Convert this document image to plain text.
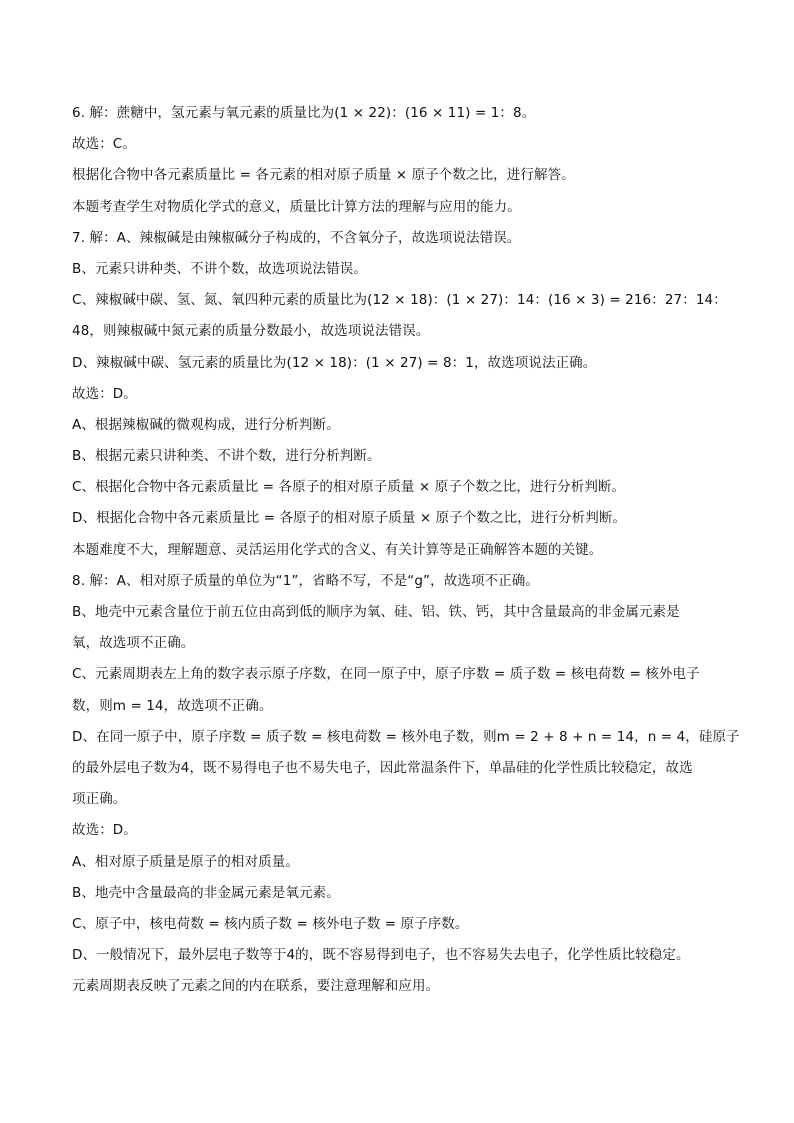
6. 解：蔗糖中，氢元素与氧元素的质量比为(1 × 22)：(16 × 11) = 1：8。
故选：C。
根据化合物中各元素质量比 = 各元素的相对原子质量 × 原子个数之比，进行解答。
本题考查学生对物质化学式的意义，质量比计算方法的理解与应用的能力。
7. 解：A、辣椒碱是由辣椒碱分子构成的，不含氧分子，故选项说法错误。
B、元素只讲种类、不讲个数，故选项说法错误。
C、辣椒碱中碳、氢、氮、氧四种元素的质量比为(12 × 18)：(1 × 27)：14：(16 × 3) = 216：27：14：
48，则辣椒碱中氮元素的质量分数最小，故选项说法错误。
D、辣椒碱中碳、氢元素的质量比为(12 × 18)：(1 × 27) = 8：1，故选项说法正确。
故选：D。
A、根据辣椒碱的微观构成，进行分析判断。
B、根据元素只讲种类、不讲个数，进行分析判断。
C、根据化合物中各元素质量比 = 各原子的相对原子质量 × 原子个数之比，进行分析判断。
D、根据化合物中各元素质量比 = 各原子的相对原子质量 × 原子个数之比，进行分析判断。
本题难度不大，理解题意、灵活运用化学式的含义、有关计算等是正确解答本题的关键。
8. 解：A、相对原子质量的单位为“1”，省略不写，不是“g”，故选项不正确。
B、地壳中元素含量位于前五位由高到低的顺序为氧、硅、铝、铁、钙，其中含量最高的非金属元素是
氧，故选项不正确。
C、元素周期表左上角的数字表示原子序数，在同一原子中，原子序数 = 质子数 = 核电荷数 = 核外电子
数，则m = 14，故选项不正确。
D、在同一原子中，原子序数 = 质子数 = 核电荷数 = 核外电子数，则m = 2 + 8 + n = 14，n = 4，硅原子
的最外层电子数为4，既不易得电子也不易失电子，因此常温条件下，单晶硅的化学性质比较稳定，故选
项正确。
故选：D。
A、相对原子质量是原子的相对质量。
B、地壳中含量最高的非金属元素是氧元素。
C、原子中，核电荷数 = 核内质子数 = 核外电子数 = 原子序数。
D、一般情况下，最外层电子数等于4的，既不容易得到电子，也不容易失去电子，化学性质比较稳定。
元素周期表反映了元素之间的内在联系，要注意理解和应用。
